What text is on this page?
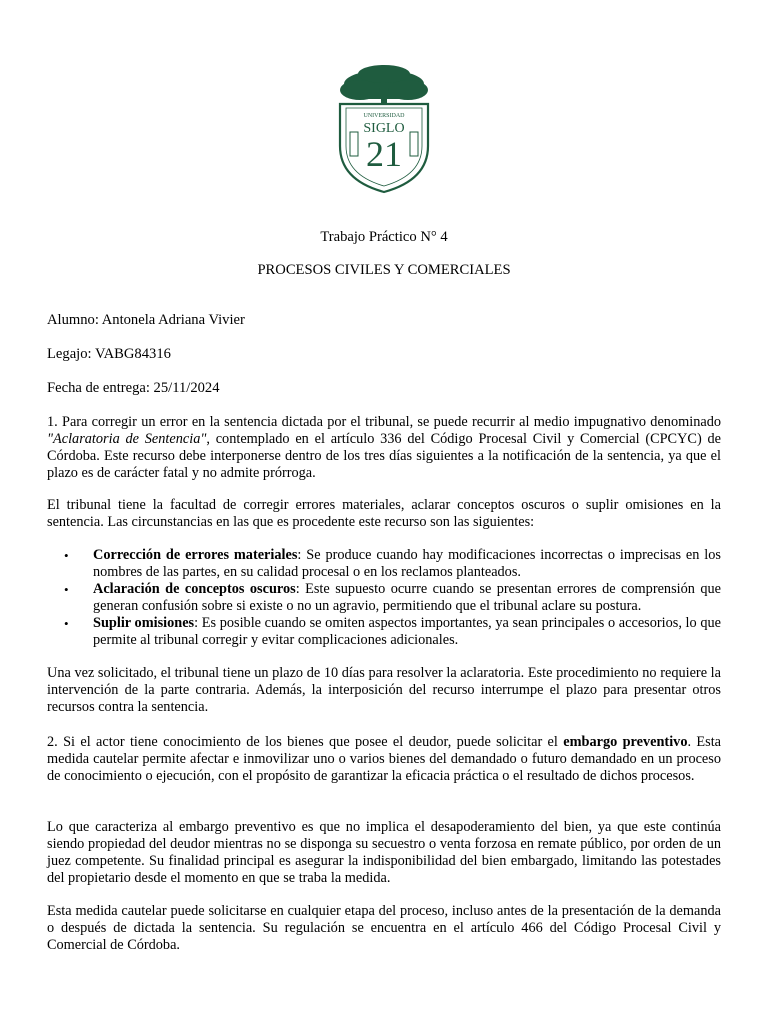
UNIVERSIDAD
SIGLO
21

Trabajo Práctico N° 4

PROCESOS CIVILES Y COMERCIALES

Alumno: Antonela Adriana Vivier

Legajo: VABG84316

Fecha de entrega: 25/11/2024

1. Para corregir un error en la sentencia dictada por el tribunal, se puede recurrir al medio impugnativo denominado "Aclaratoria de Sentencia", contemplado en el artículo 336 del Código Procesal Civil y Comercial (CPCYC) de Córdoba. Este recurso debe interponerse dentro de los tres días siguientes a la notificación de la sentencia, ya que el plazo es de carácter fatal y no admite prórroga.

El tribunal tiene la facultad de corregir errores materiales, aclarar conceptos oscuros o suplir omisiones en la sentencia. Las circunstancias en las que es procedente este recurso son las siguientes:

• Corrección de errores materiales: Se produce cuando hay modificaciones incorrectas o imprecisas en los nombres de las partes, en su calidad procesal o en los reclamos planteados.
• Aclaración de conceptos oscuros: Este supuesto ocurre cuando se presentan errores de comprensión que generan confusión sobre si existe o no un agravio, permitiendo que el tribunal aclare su postura.
• Suplir omisiones: Es posible cuando se omiten aspectos importantes, ya sean principales o accesorios, lo que permite al tribunal corregir y evitar complicaciones adicionales.

Una vez solicitado, el tribunal tiene un plazo de 10 días para resolver la aclaratoria. Este procedimiento no requiere la intervención de la parte contraria. Además, la interposición del recurso interrumpe el plazo para presentar otros recursos contra la sentencia.

2. Si el actor tiene conocimiento de los bienes que posee el deudor, puede solicitar el embargo preventivo. Esta medida cautelar permite afectar e inmovilizar uno o varios bienes del demandado o futuro demandado en un proceso de conocimiento o ejecución, con el propósito de garantizar la eficacia práctica o el resultado de dichos procesos.

Lo que caracteriza al embargo preventivo es que no implica el desapoderamiento del bien, ya que este continúa siendo propiedad del deudor mientras no se disponga su secuestro o venta forzosa en remate público, por orden de un juez competente. Su finalidad principal es asegurar la indisponibilidad del bien embargado, limitando las potestades del propietario desde el momento en que se traba la medida.

Esta medida cautelar puede solicitarse en cualquier etapa del proceso, incluso antes de la presentación de la demanda o después de dictada la sentencia. Su regulación se encuentra en el artículo 466 del Código Procesal Civil y Comercial de Córdoba.
